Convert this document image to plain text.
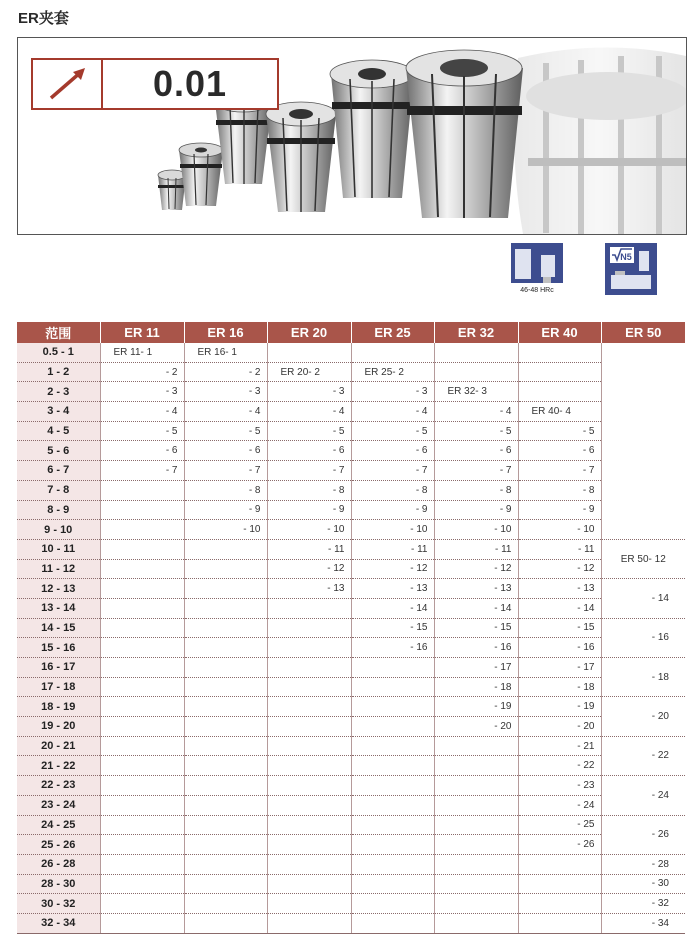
ER夹套
0.01
46-48 HRc
N5
范围	ER 11	ER 16	ER 20	ER 25	ER 32	ER 40	ER 50
0.5 - 1	ER 11- 1	ER 16- 1					
1 - 2	- 2	- 2	ER 20- 2	ER 25- 2			
2 - 3	- 3	- 3	- 3	- 3	ER 32- 3		
3 - 4	- 4	- 4	- 4	- 4	- 4	ER 40- 4	
4 - 5	- 5	- 5	- 5	- 5	- 5	- 5	
5 - 6	- 6	- 6	- 6	- 6	- 6	- 6	
6 - 7	- 7	- 7	- 7	- 7	- 7	- 7	
7 - 8		- 8	- 8	- 8	- 8	- 8	
8 - 9		- 9	- 9	- 9	- 9	- 9	
9 - 10		- 10	- 10	- 10	- 10	- 10	
10 - 11			- 11	- 11	- 11	- 11	ER 50- 12
11 - 12			- 12	- 12	- 12	- 12	
12 - 13			- 13	- 13	- 13	- 13	- 14
13 - 14				- 14	- 14	- 14	
14 - 15				- 15	- 15	- 15	- 16
15 - 16				- 16	- 16	- 16	
16 - 17					- 17	- 17	- 18
17 - 18					- 18	- 18	
18 - 19					- 19	- 19	- 20
19 - 20					- 20	- 20	
20 - 21						- 21	- 22
21 - 22						- 22	
22 - 23						- 23	- 24
23 - 24						- 24	
24 - 25						- 25	- 26
25 - 26						- 26	
26 - 28							- 28
28 - 30							- 30
30 - 32							- 32
32 - 34							- 34
